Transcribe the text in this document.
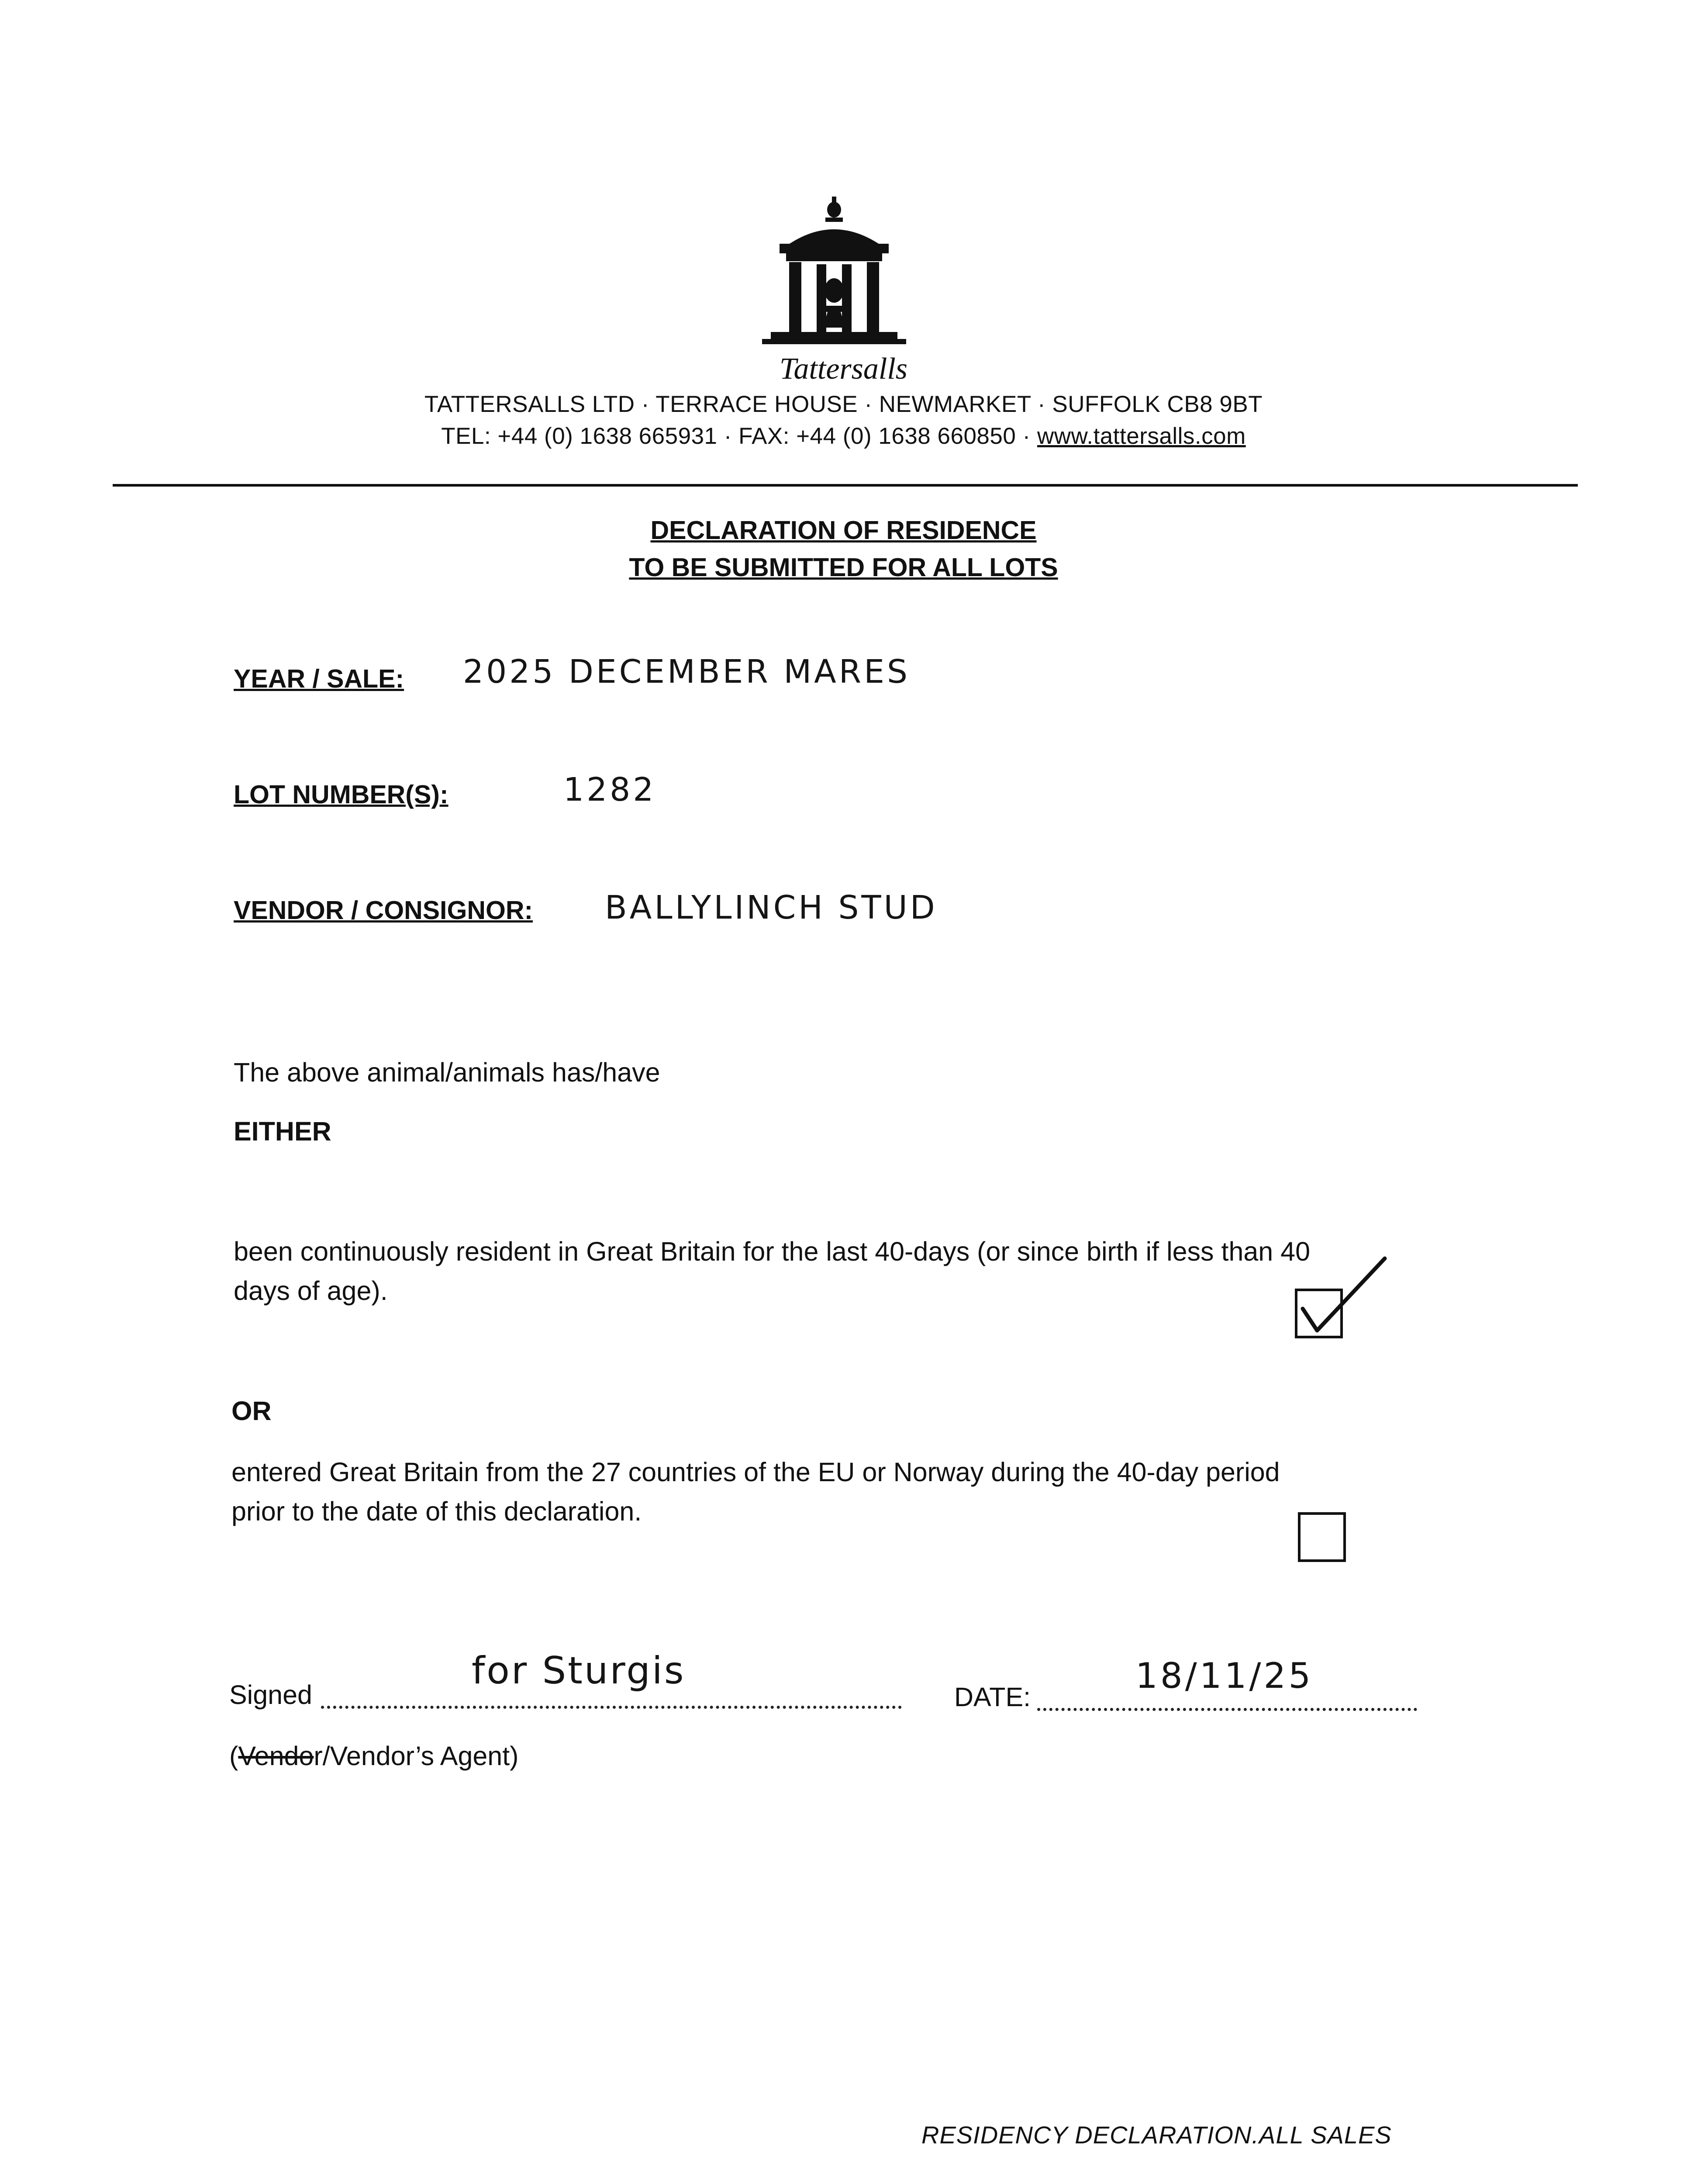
Tattersalls
TATTERSALLS LTD · TERRACE HOUSE · NEWMARKET · SUFFOLK CB8 9BT
TEL: +44 (0) 1638 665931 · FAX: +44 (0) 1638 660850 · www.tattersalls.com
DECLARATION OF RESIDENCE
TO BE SUBMITTED FOR ALL LOTS
YEAR / SALE: 2025 DECEMBER MARES
LOT NUMBER(S):	1282
VENDOR / CONSIGNOR: BALLYLINCH STUD
The above animal/animals has/have
EITHER
been continuously resident in Great Britain for the last 40-days (or since birth if less than 40
days of age).
OR
entered Great Britain from the 27 countries of the EU or Norway during the 40-day period
prior to the date of this declaration.
Signed
for Sturgis
DATE:
18/11/25
(Vendor/Vendor’s Agent)
RESIDENCY DECLARATION.ALL SALES
